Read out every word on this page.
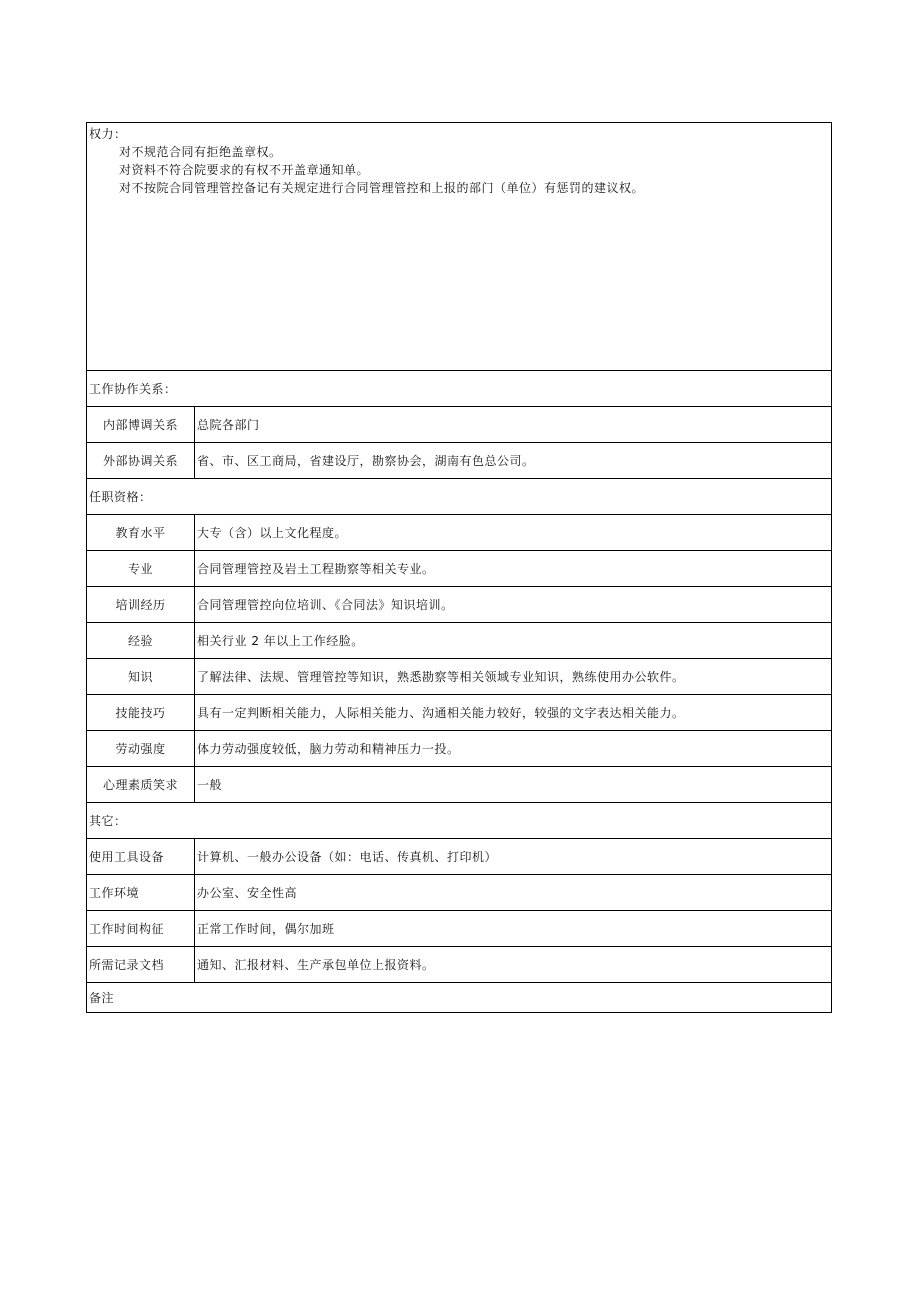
权力：
对不规范合同有拒绝盖章权。
对资料不符合院要求的有权不开盖章通知单。
对不按院合同管理管控备记有关规定进行合同管理管控和上报的部门（单位）有惩罚的建议权。
工作协作关系：
内部博调关系	总院各部门
外部协调关系	省、市、区工商局，省建设厅，勘察协会，湖南有色总公司。
任职资格：
教育水平	大专（含）以上文化程度。
专业	合同管理管控及岩土工程勘察等相关专业。
培训经历	合同管理管控向位培训、《合同法》知识培训。
经验	相关行业 2 年以上工作经脸。
知识	了解法律、法规、管理管控等知识，熟悉勘察等相关领域专业知识，熟练使用办公软件。
技能技巧	具有一定判断相关能力，人际相关能力、沟通相关能力较好，较强的文字表达相关能力。
劳动强度	体力劳动强度较低，脑力劳动和精神压力一投。
心理素质笑求	一般
其它：
使用工具设备	计算机、一般办公设备（如：电话、传真机、打印机）
工作环境	办公室、安全性高
工作时间构征	正常工作时间，偶尔加班
所需记录文档	通知、汇报材料、生产承包单位上报资料。
备注
